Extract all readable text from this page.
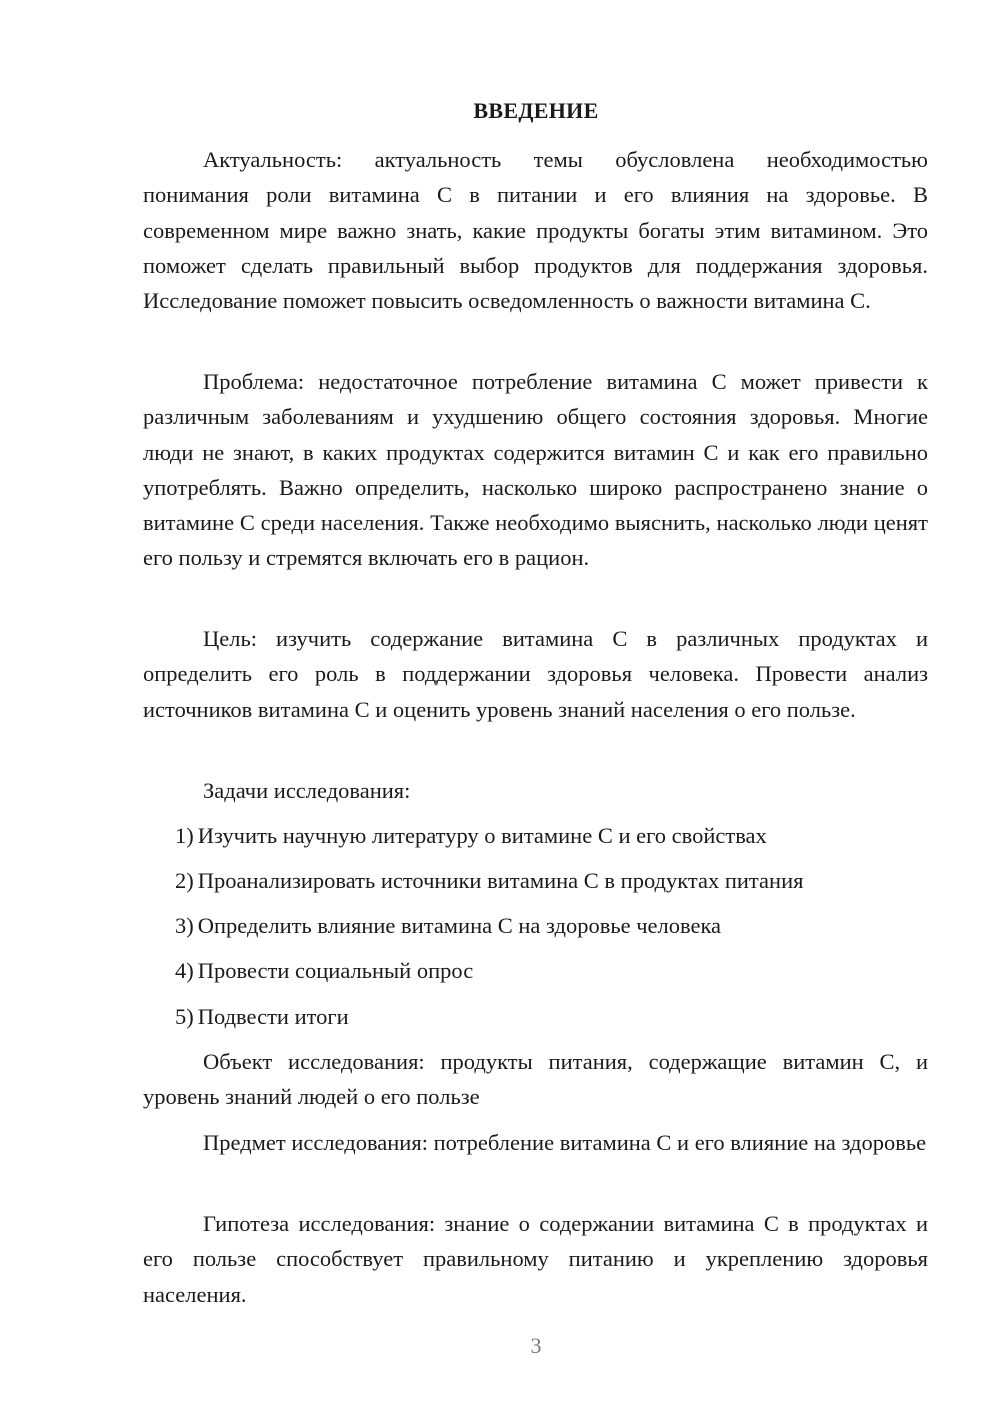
ВВЕДЕНИЕ

Актуальность: актуальность темы обусловлена необходимостью понимания роли витамина С в питании и его влияния на здоровье. В современном мире важно знать, какие продукты богаты этим витамином. Это поможет сделать правильный выбор продуктов для поддержания здоровья. Исследование поможет повысить осведомленность о важности витамина С.

Проблема: недостаточное потребление витамина С может привести к различным заболеваниям и ухудшению общего состояния здоровья. Многие люди не знают, в каких продуктах содержится витамин С и как его правильно употреблять. Важно определить, насколько широко распространено знание о витамине С среди населения. Также необходимо выяснить, насколько люди ценят его пользу и стремятся включать его в рацион.

Цель: изучить содержание витамина С в различных продуктах и определить его роль в поддержании здоровья человека. Провести анализ источников витамина С и оценить уровень знаний населения о его пользе.

Задачи исследования:

1) Изучить научную литературу о витамине С и его свойствах

2) Проанализировать источники витамина С в продуктах питания

3) Определить влияние витамина С на здоровье человека

4) Провести социальный опрос

5) Подвести итоги

Объект исследования: продукты питания, содержащие витамин С, и уровень знаний людей о его пользе

Предмет исследования: потребление витамина С и его влияние на здоровье

Гипотеза исследования: знание о содержании витамина С в продуктах и его пользе способствует правильному питанию и укреплению здоровья населения.

3
